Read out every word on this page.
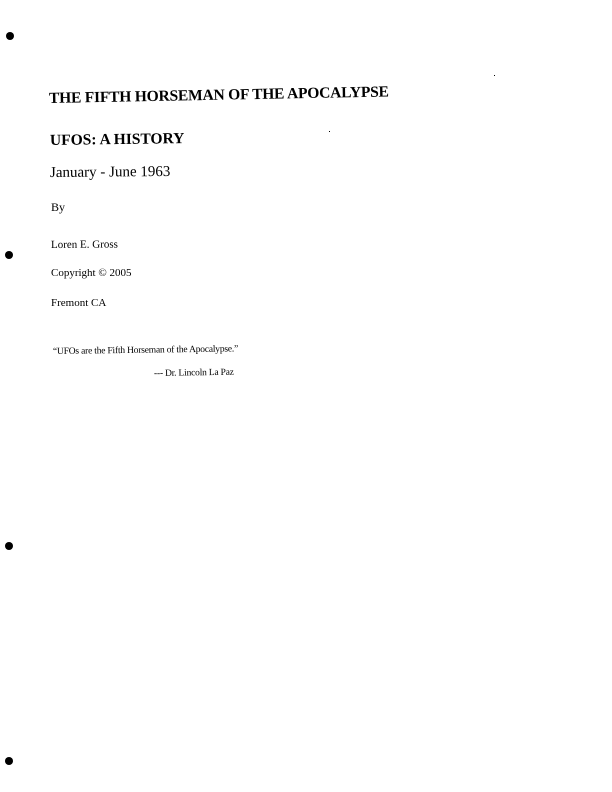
THE FIFTH HORSEMAN OF THE APOCALYPSE
UFOS: A HISTORY
January - June 1963
By
Loren E. Gross
Copyright © 2005
Fremont CA
“UFOs are the Fifth Horseman of the Apocalypse.”
--- Dr. Lincoln La Paz
